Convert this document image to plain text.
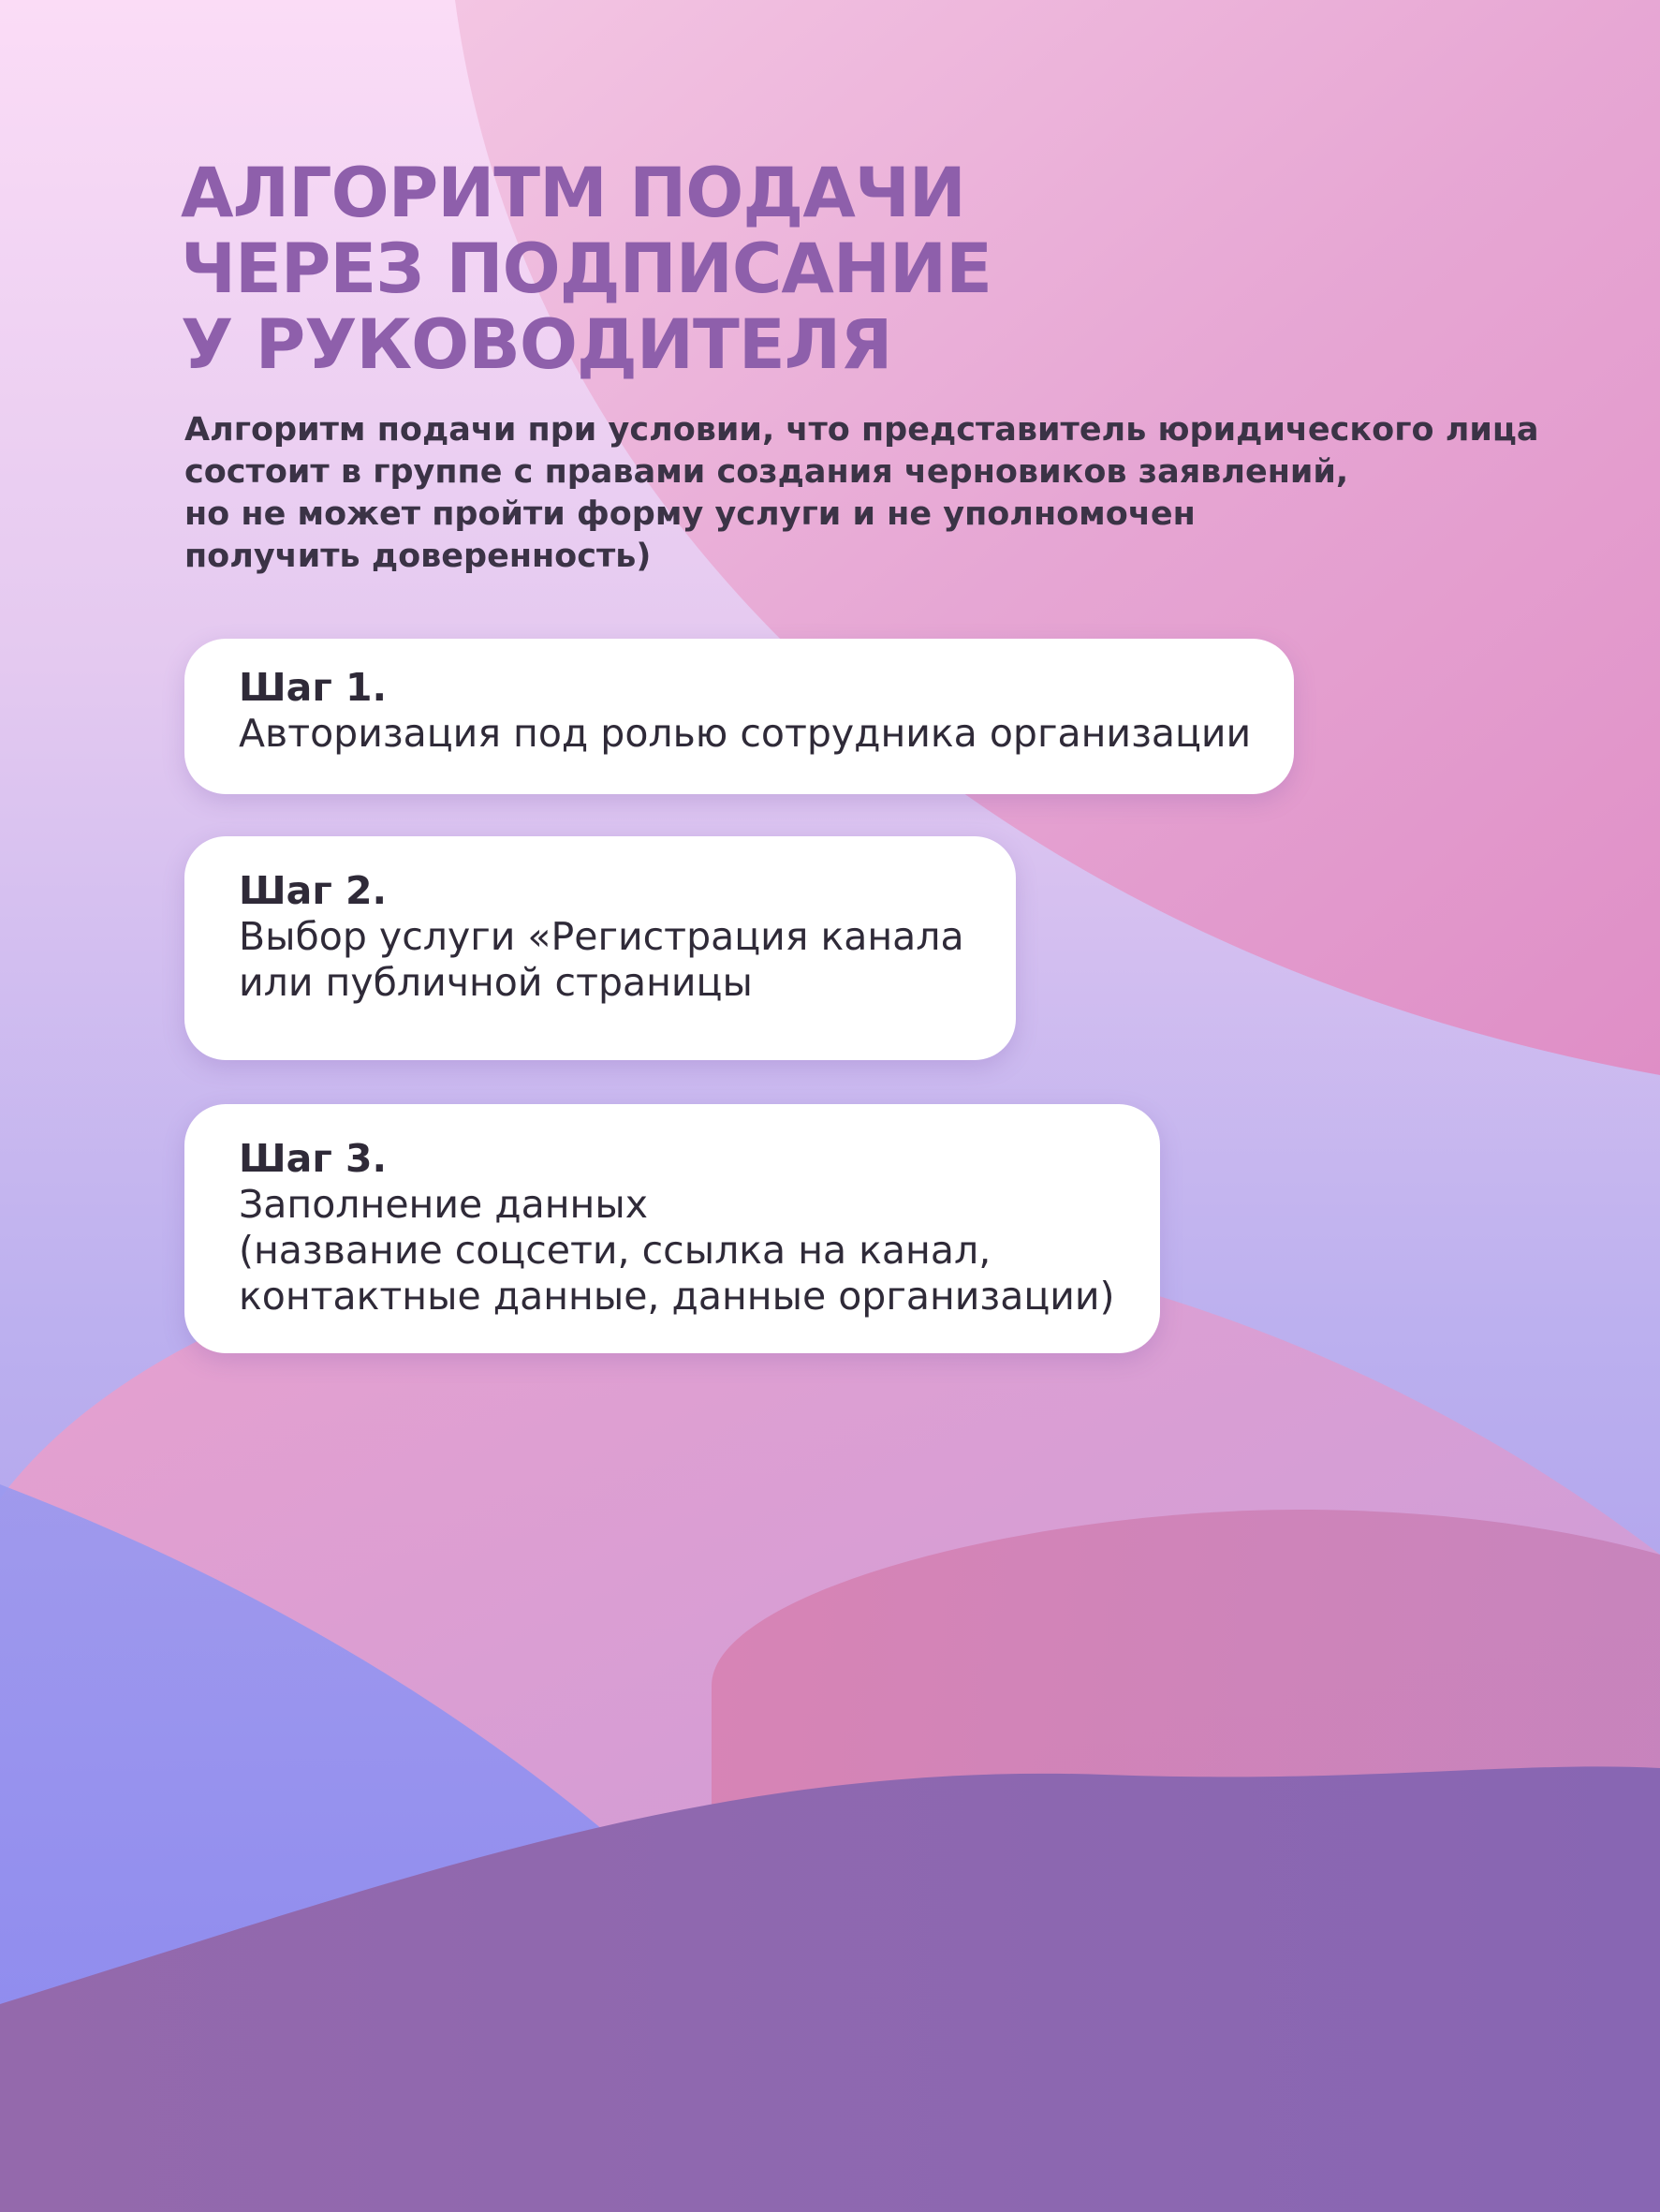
АЛГОРИТМ ПОДАЧИ
ЧЕРЕЗ ПОДПИСАНИЕ
У РУКОВОДИТЕЛЯ

Алгоритм подачи при условии, что представитель юридического лица
состоит в группе с правами создания черновиков заявлений,
но не может пройти форму услуги и не уполномочен
получить доверенность)

Шаг 1.
Авторизация под ролью сотрудника организации
Шаг 2.
Выбор услуги «Регистрация канала
или публичной страницы
Шаг 3.
Заполнение данных
(название соцсети, ссылка на канал,
контактные данные, данные организации)
